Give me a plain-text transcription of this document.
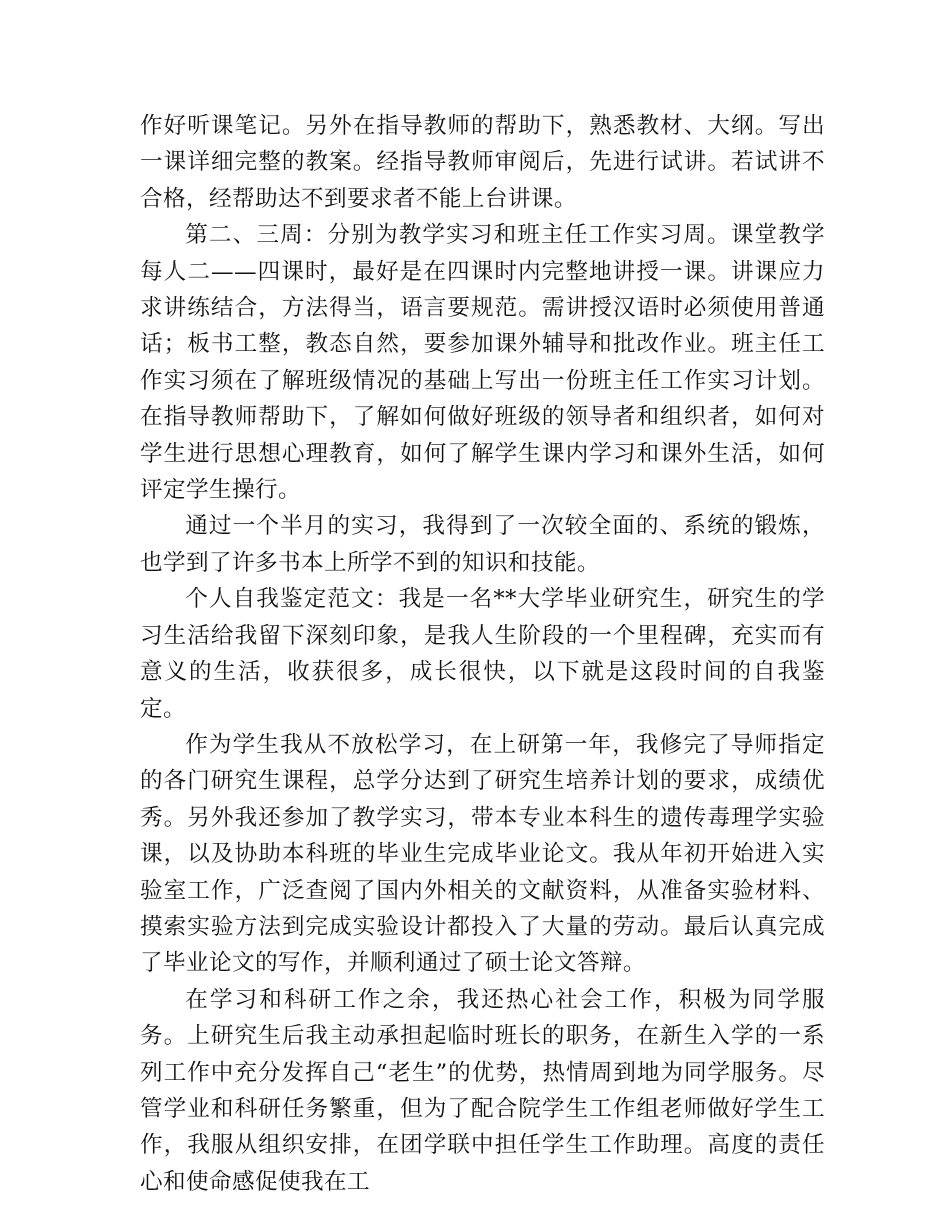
作好听课笔记。另外在指导教师的帮助下，熟悉教材、大纲。写出一课详细完整的教案。经指导教师审阅后，先进行试讲。若试讲不合格，经帮助达不到要求者不能上台讲课。

第二、三周：分别为教学实习和班主任工作实习周。课堂教学每人二——四课时，最好是在四课时内完整地讲授一课。讲课应力求讲练结合，方法得当，语言要规范。需讲授汉语时必须使用普通话；板书工整，教态自然，要参加课外辅导和批改作业。班主任工作实习须在了解班级情况的基础上写出一份班主任工作实习计划。在指导教师帮助下，了解如何做好班级的领导者和组织者，如何对学生进行思想心理教育，如何了解学生课内学习和课外生活，如何评定学生操行。

通过一个半月的实习，我得到了一次较全面的、系统的锻炼，也学到了许多书本上所学不到的知识和技能。

个人自我鉴定范文：我是一名**大学毕业研究生，研究生的学习生活给我留下深刻印象，是我人生阶段的一个里程碑，充实而有意义的生活，收获很多，成长很快，以下就是这段时间的自我鉴定。

作为学生我从不放松学习，在上研第一年，我修完了导师指定的各门研究生课程，总学分达到了研究生培养计划的要求，成绩优秀。另外我还参加了教学实习，带本专业本科生的遗传毒理学实验课，以及协助本科班的毕业生完成毕业论文。我从年初开始进入实验室工作，广泛查阅了国内外相关的文献资料，从准备实验材料、摸索实验方法到完成实验设计都投入了大量的劳动。最后认真完成了毕业论文的写作，并顺利通过了硕士论文答辩。

在学习和科研工作之余，我还热心社会工作，积极为同学服务。上研究生后我主动承担起临时班长的职务，在新生入学的一系列工作中充分发挥自己“老生”的优势，热情周到地为同学服务。尽管学业和科研任务繁重，但为了配合院学生工作组老师做好学生工作，我服从组织安排，在团学联中担任学生工作助理。高度的责任心和使命感促使我在工
